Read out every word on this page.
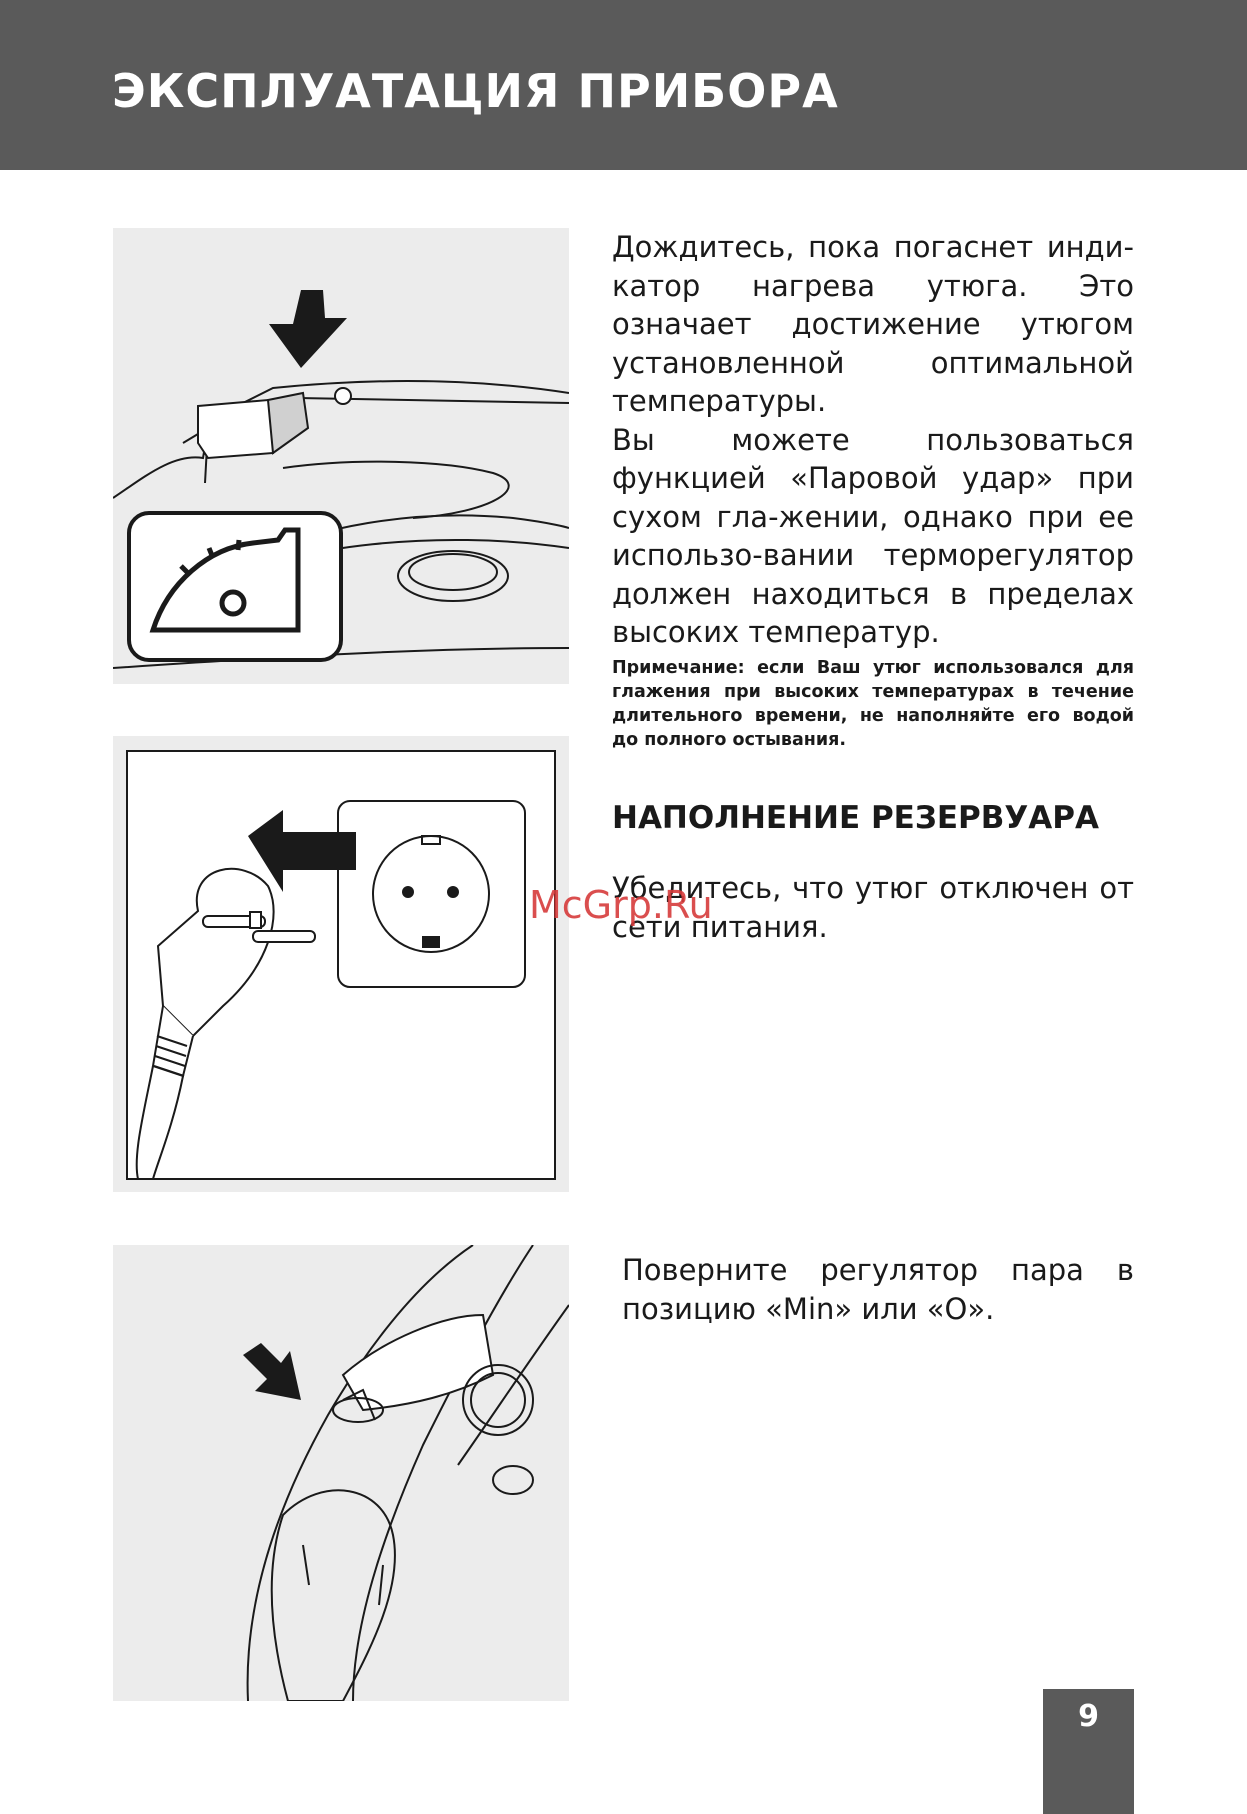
ЭКСПЛУАТАЦИЯ ПРИБОРА

Дождитесь, пока погаснет инди-катор нагрева утюга. Это означает достижение утюгом установленной оптимальной температуры.

Вы можете пользоваться функцией «Паровой удар» при сухом гла-жении, однако при ее использо-вании терморегулятор должен находиться в пределах высоких температур.

Примечание: если Ваш утюг использовался для глажения при высоких температурах в течение длительного времени, не наполняйте его водой до полного остывания.
НАПОЛНЕНИЕ РЕЗЕРВУАРА

Убедитесь, что утюг отключен от сети питания.

Поверните регулятор пара в позицию «Min» или «O».

McGrp.Ru
9
